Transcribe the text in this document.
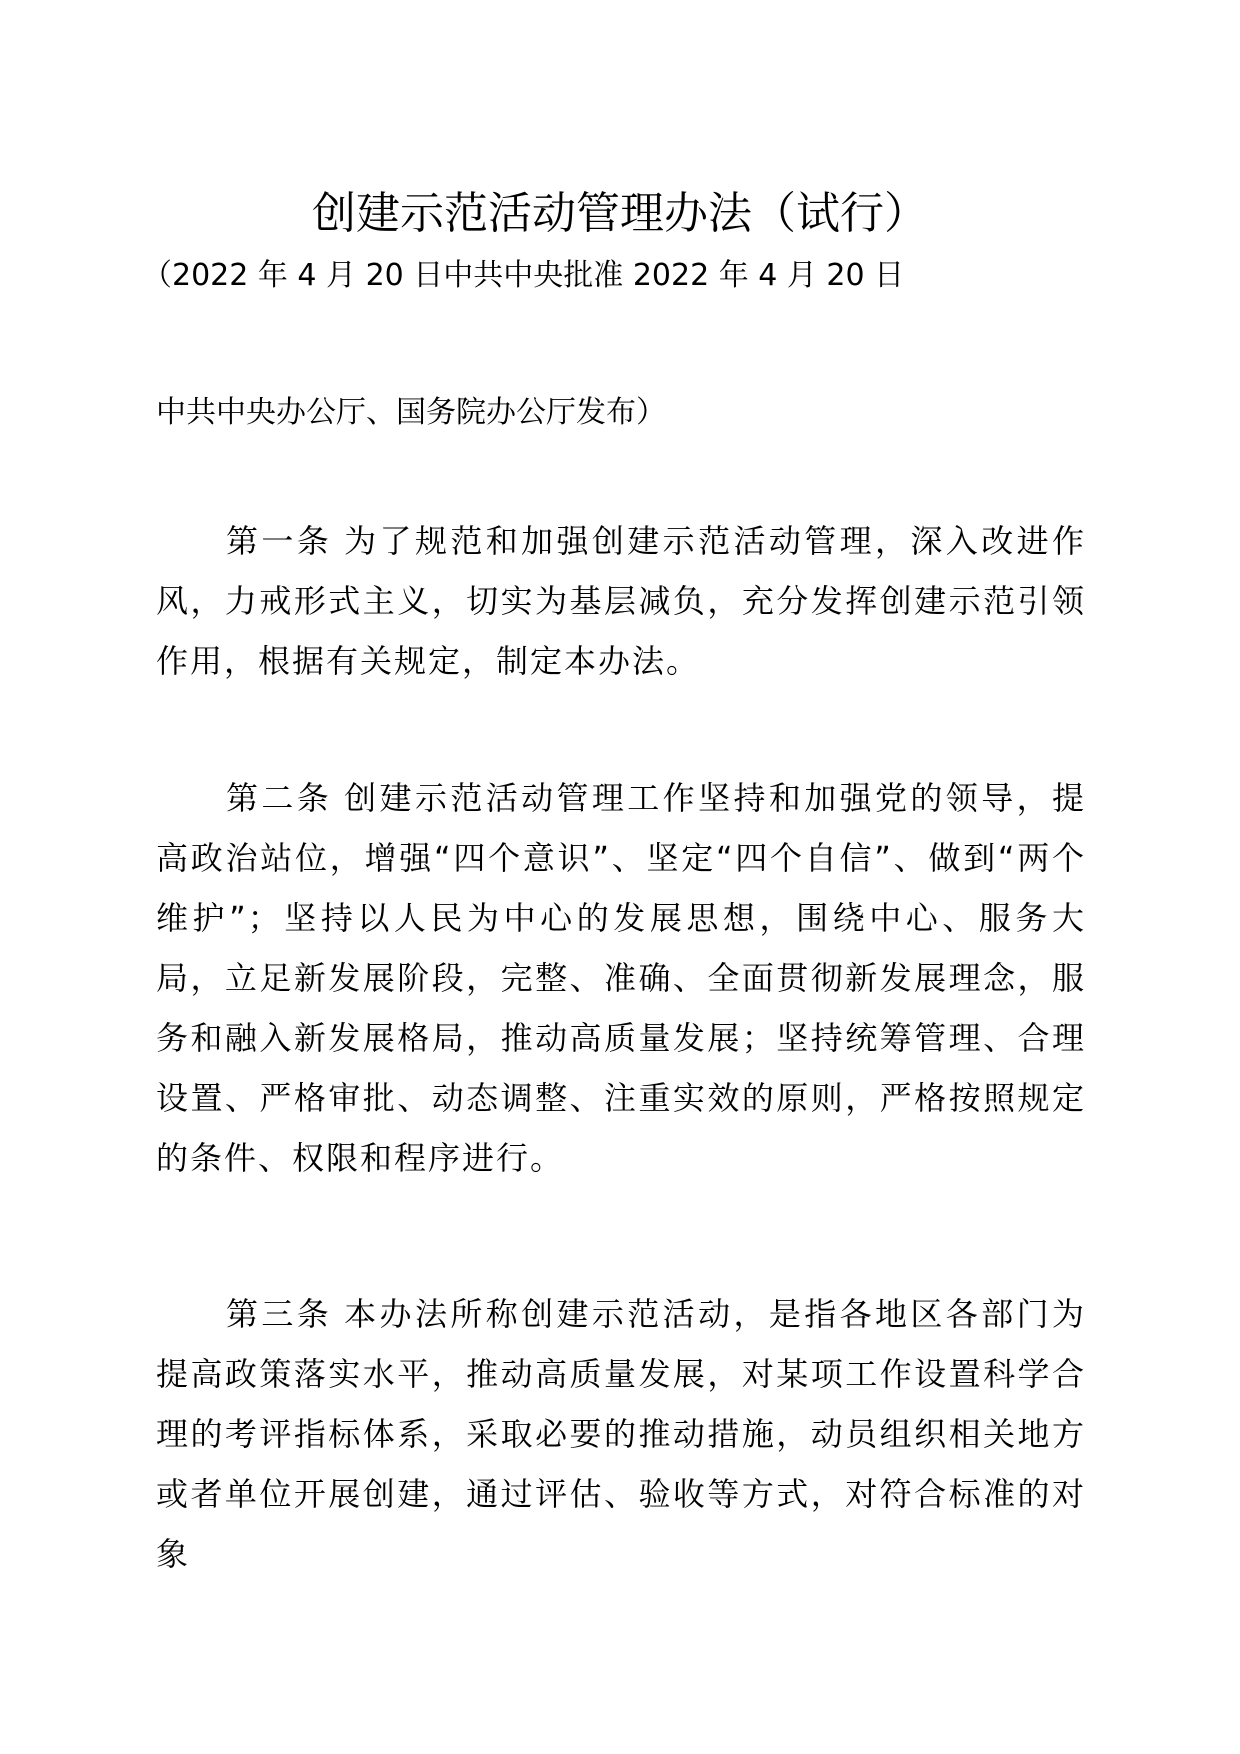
创建示范活动管理办法（试行）

（2022 年 4 月 20 日中共中央批准 2022 年 4 月 20 日

中共中央办公厅、国务院办公厅发布）

第一条 为了规范和加强创建示范活动管理，深入改进作风，力戒形式主义，切实为基层减负，充分发挥创建示范引领作用，根据有关规定，制定本办法。

第二条 创建示范活动管理工作坚持和加强党的领导，提高政治站位，增强“四个意识”、坚定“四个自信”、做到“两个维护”；坚持以人民为中心的发展思想，围绕中心、服务大局，立足新发展阶段，完整、准确、全面贯彻新发展理念，服务和融入新发展格局，推动高质量发展；坚持统筹管理、合理设置、严格审批、动态调整、注重实效的原则，严格按照规定的条件、权限和程序进行。

第三条 本办法所称创建示范活动，是指各地区各部门为提高政策落实水平，推动高质量发展，对某项工作设置科学合理的考评指标体系，采取必要的推动措施，动员组织相关地方或者单位开展创建，通过评估、验收等方式，对符合标准的对象
